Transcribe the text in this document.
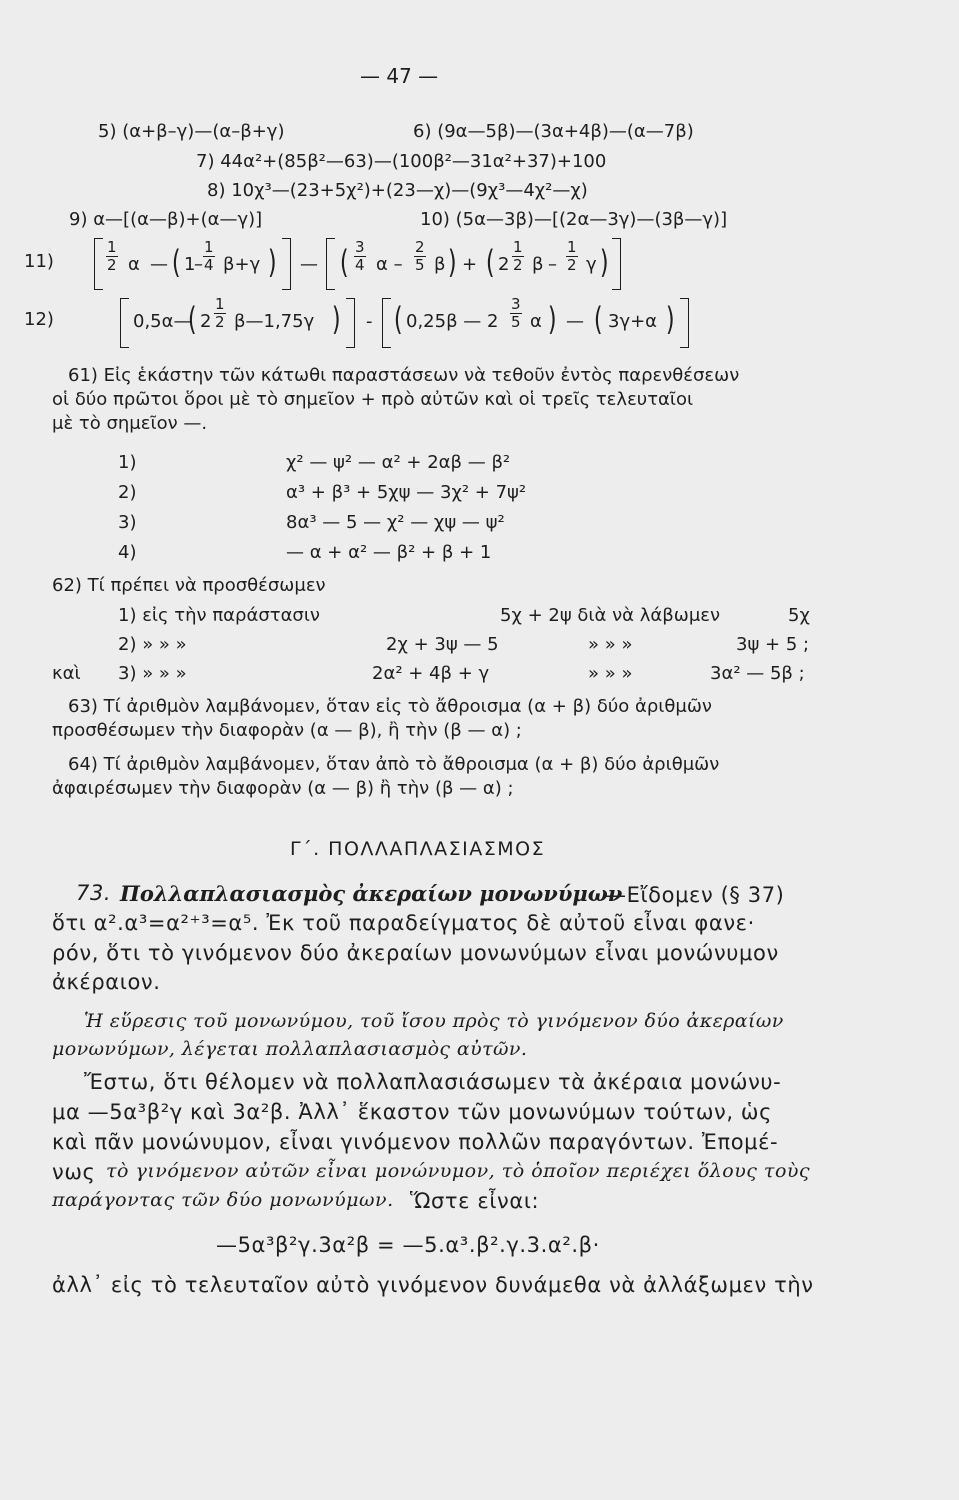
— 47 —
5) (α+β–γ)—(α–β+γ)	6) (9α—5β)—(3α+4β)—(α—7β)
7) 44α²+(85β²—63)—(100β²—31α²+37)+100
8) 10χ³—(23+5χ²)+(23—χ)—(9χ³—4χ²—χ)
9) α—[(α—β)+(α—γ)]	10) (5α—3β)—[(2α—3γ)—(3β—γ)]
11)	$\frac{1}{2}$ α — ( 1
– $\frac{1}{4} \beta+\gamma$ ) — ( $\frac{3}{4}$ α – $\frac{2}{5}$ β ) + ( $2 \frac{1}{2}$ β – $\frac{1}{2}$ γ )
12)	0,5α—
( $2 \frac{1}{2}$ β—1,75γ ) - ( 0,25β — $2 \frac{3}{5}$ α ) — ( 3γ+α )
61) Εἰς ἑκάστην τῶν κάτωθι παραστάσεων νὰ τεθοῦν ἐντὸς παρενθέσεων
οἱ δύο πρῶτοι ὅροι μὲ τὸ σημεῖον + πρὸ αὐτῶν καὶ οἱ τρεῖς τελευταῖοι
μὲ τὸ σημεῖον —.
1)	χ² — ψ² — α² + 2αβ — β²
2)	α³ + β³ + 5χψ — 3χ² + 7ψ²
3)	8α³ — 5 — χ² — χψ — ψ²
4)	— α + α² — β² + β + 1
62) Τί πρέπει νὰ προσθέσωμεν
1) εἰς τὴν παράστασιν	5χ + 2ψ διὰ νὰ λάβωμεν	5χ
2) » » »	2χ + 3ψ — 5	» » »	3ψ + 5 ;
καὶ 3) » » »	2α² + 4β + γ	» » »	3α² — 5β ;
63) Τί ἀριθμὸν λαμβάνομεν, ὅταν εἰς τὸ ἄθροισμα (α + β) δύο ἀριθμῶν
προσθέσωμεν τὴν διαφορὰν (α — β), ἢ τὴν (β — α) ;
64) Τί ἀριθμὸν λαμβάνομεν, ὅταν ἀπὸ τὸ ἄθροισμα (α + β) δύο ἀριθμῶν
ἀφαιρέσωμεν τὴν διαφορὰν (α — β) ἢ τὴν (β — α) ;
Γ΄. ΠΟΛΛΑΠΛΑΣΙΑΣΜΟΣ
73. Πολλαπλασιασμὸς ἀκεραίων μονωνύμων
—Εἴδομεν (§ 37)
ὅτι α².α³=α²⁺³=α⁵. Ἐκ τοῦ παραδείγματος δὲ αὐτοῦ εἶναι φανε·
ρόν, ὅτι τὸ γινόμενον δύο ἀκεραίων μονωνύμων εἶναι μονώνυμον
ἀκέραιον.
Ἡ εὕρεσις τοῦ μονωνύμου, τοῦ ἴσου πρὸς τὸ γινόμενον δύο ἀκεραίων
μονωνύμων, λέγεται πολλαπλασιασμὸς αὐτῶν.
Ἔστω, ὅτι θέλομεν νὰ πολλαπλασιάσωμεν τὰ ἀκέραια μονώνυ-
μα —5α³β²γ καὶ 3α²β. Ἀλλ᾽ ἕκαστον τῶν μονωνύμων τούτων, ὡς
καὶ πᾶν μονώνυμον, εἶναι γινόμενον πολλῶν παραγόντων. Ἐπομέ-
νως τὸ γινόμενον αὐτῶν εἶναι μονώνυμον, τὸ ὁποῖον περιέχει ὅλους τοὺς
παράγοντας τῶν δύο μονωνύμων. Ὥστε εἶναι:
—5α³β²γ.3α²β = —5.α³.β².γ.3.α².β·
ἀλλ᾽ εἰς τὸ τελευταῖον αὐτὸ γινόμενον δυνάμεθα νὰ ἀλλάξωμεν τὴν
